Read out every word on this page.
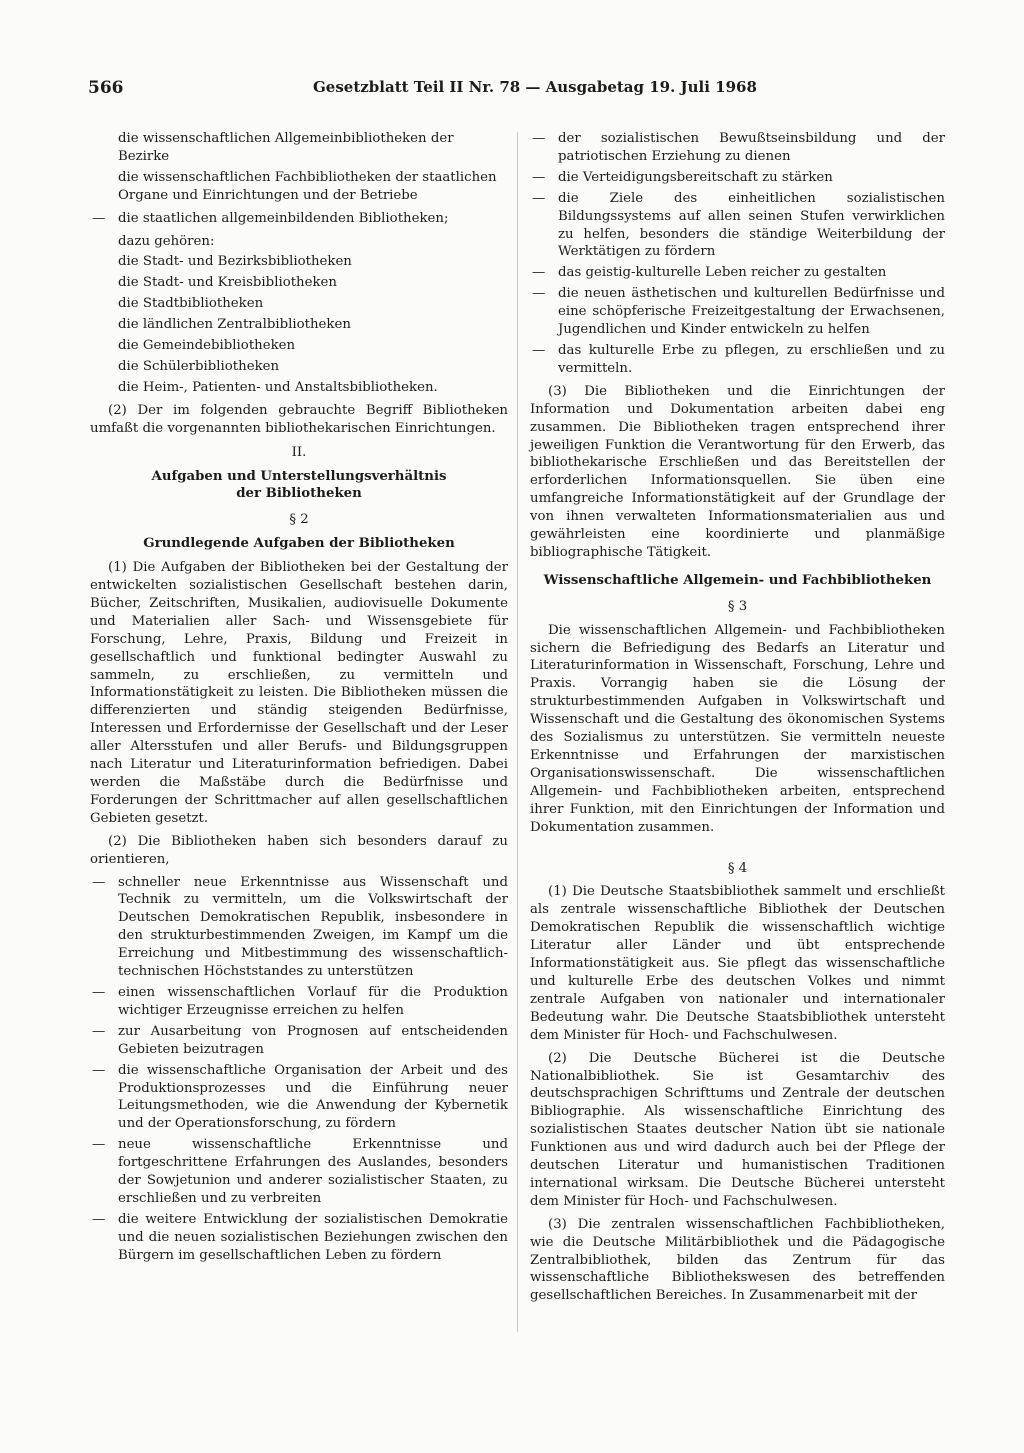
566	Gesetzblatt Teil II Nr. 78 — Ausgabetag 19. Juli 1968
die wissenschaftlichen Allgemeinbibliotheken der Bezirke
die wissenschaftlichen Fachbibliotheken der staatlichen Organe und Einrichtungen und der Betriebe
— die staatlichen allgemeinbildenden Bibliotheken;
dazu gehören:
die Stadt- und Bezirksbibliotheken
die Stadt- und Kreisbibliotheken
die Stadtbibliotheken
die ländlichen Zentralbibliotheken
die Gemeindebibliotheken
die Schülerbibliotheken
die Heim-, Patienten- und Anstaltsbibliotheken.

(2) Der im folgenden gebrauchte Begriff Bibliotheken umfaßt die vorgenannten bibliothekarischen Einrichtungen.

II.
Aufgaben und Unterstellungsverhältnis
der Bibliotheken
§ 2
Grundlegende Aufgaben der Bibliotheken

(1) Die Aufgaben der Bibliotheken bei der Gestaltung der entwickelten sozialistischen Gesellschaft bestehen darin, Bücher, Zeitschriften, Musikalien, audiovisuelle Dokumente und Materialien aller Sach- und Wissensgebiete für Forschung, Lehre, Praxis, Bildung und Freizeit in gesellschaftlich und funktional bedingter Auswahl zu sammeln, zu erschließen, zu vermitteln und Informationstätigkeit zu leisten. Die Bibliotheken müssen die differenzierten und ständig steigenden Bedürfnisse, Interessen und Erfordernisse der Gesellschaft und der Leser aller Altersstufen und aller Berufs- und Bildungsgruppen nach Literatur und Literaturinformation befriedigen. Dabei werden die Maßstäbe durch die Bedürfnisse und Forderungen der Schrittmacher auf allen gesellschaftlichen Gebieten gesetzt.

(2) Die Bibliotheken haben sich besonders darauf zu orientieren,

— schneller neue Erkenntnisse aus Wissenschaft und Technik zu vermitteln, um die Volkswirtschaft der Deutschen Demokratischen Republik, insbesondere in den strukturbestimmenden Zweigen, im Kampf um die Erreichung und Mitbestimmung des wissenschaftlich-technischen Höchststandes zu unterstützen
— einen wissenschaftlichen Vorlauf für die Produktion wichtiger Erzeugnisse erreichen zu helfen
— zur Ausarbeitung von Prognosen auf entscheidenden Gebieten beizutragen
— die wissenschaftliche Organisation der Arbeit und des Produktionsprozesses und die Einführung neuer Leitungsmethoden, wie die Anwendung der Kybernetik und der Operationsforschung, zu fördern
— neue wissenschaftliche Erkenntnisse und fortgeschrittene Erfahrungen des Auslandes, besonders der Sowjetunion und anderer sozialistischer Staaten, zu erschließen und zu verbreiten
— die weitere Entwicklung der sozialistischen Demokratie und die neuen sozialistischen Beziehungen zwischen den Bürgern im gesellschaftlichen Leben zu fördern
— der sozialistischen Bewußtseinsbildung und der patriotischen Erziehung zu dienen
— die Verteidigungsbereitschaft zu stärken
— die Ziele des einheitlichen sozialistischen Bildungssystems auf allen seinen Stufen verwirklichen zu helfen, besonders die ständige Weiterbildung der Werktätigen zu fördern
— das geistig-kulturelle Leben reicher zu gestalten
— die neuen ästhetischen und kulturellen Bedürfnisse und eine schöpferische Freizeitgestaltung der Erwachsenen, Jugendlichen und Kinder entwickeln zu helfen
— das kulturelle Erbe zu pflegen, zu erschließen und zu vermitteln.

(3) Die Bibliotheken und die Einrichtungen der Information und Dokumentation arbeiten dabei eng zusammen. Die Bibliotheken tragen entsprechend ihrer jeweiligen Funktion die Verantwortung für den Erwerb, das bibliothekarische Erschließen und das Bereitstellen der erforderlichen Informationsquellen. Sie üben eine umfangreiche Informationstätigkeit auf der Grundlage der von ihnen verwalteten Informationsmaterialien aus und gewährleisten eine koordinierte und planmäßige bibliographische Tätigkeit.

Wissenschaftliche Allgemein- und Fachbibliotheken
§ 3

Die wissenschaftlichen Allgemein- und Fachbibliotheken sichern die Befriedigung des Bedarfs an Literatur und Literaturinformation in Wissenschaft, Forschung, Lehre und Praxis. Vorrangig haben sie die Lösung der strukturbestimmenden Aufgaben in Volkswirtschaft und Wissenschaft und die Gestaltung des ökonomischen Systems des Sozialismus zu unterstützen. Sie vermitteln neueste Erkenntnisse und Erfahrungen der marxistischen Organisationswissenschaft. Die wissenschaftlichen Allgemein- und Fachbibliotheken arbeiten, entsprechend ihrer Funktion, mit den Einrichtungen der Information und Dokumentation zusammen.

§ 4

(1) Die Deutsche Staatsbibliothek sammelt und erschließt als zentrale wissenschaftliche Bibliothek der Deutschen Demokratischen Republik die wissenschaftlich wichtige Literatur aller Länder und übt entsprechende Informationstätigkeit aus. Sie pflegt das wissenschaftliche und kulturelle Erbe des deutschen Volkes und nimmt zentrale Aufgaben von nationaler und internationaler Bedeutung wahr. Die Deutsche Staatsbibliothek untersteht dem Minister für Hoch- und Fachschulwesen.

(2) Die Deutsche Bücherei ist die Deutsche Nationalbibliothek. Sie ist Gesamtarchiv des deutschsprachigen Schrifttums und Zentrale der deutschen Bibliographie. Als wissenschaftliche Einrichtung des sozialistischen Staates deutscher Nation übt sie nationale Funktionen aus und wird dadurch auch bei der Pflege der deutschen Literatur und humanistischen Traditionen international wirksam. Die Deutsche Bücherei untersteht dem Minister für Hoch- und Fachschulwesen.

(3) Die zentralen wissenschaftlichen Fachbibliotheken, wie die Deutsche Militärbibliothek und die Pädagogische Zentralbibliothek, bilden das Zentrum für das wissenschaftliche Bibliothekswesen des betreffenden gesellschaftlichen Bereiches. In Zusammenarbeit mit der
